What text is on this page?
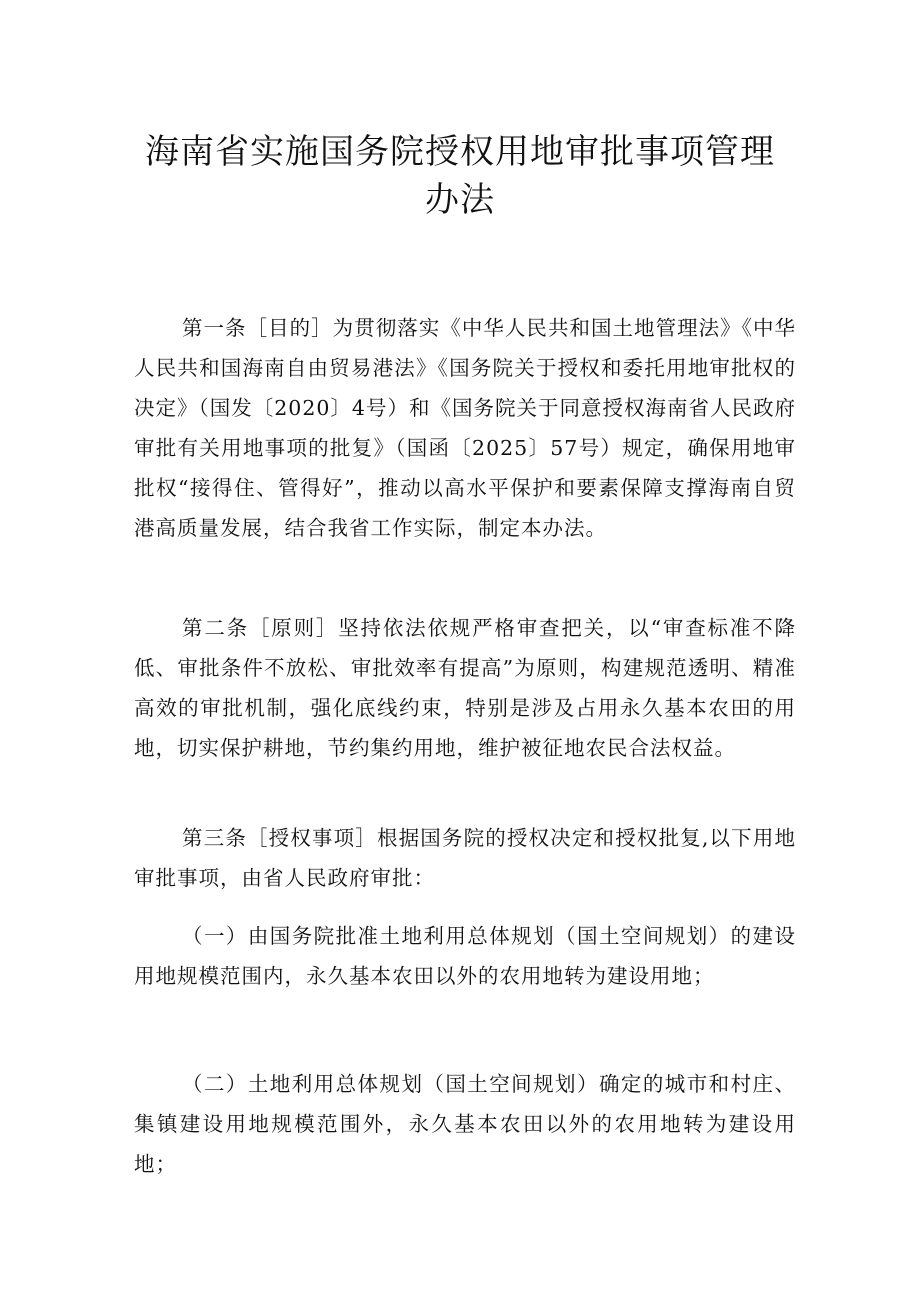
海南省实施国务院授权用地审批事项管理
办法

第一条［目的］为贯彻落实《中华人民共和国土地管理法》《中华人民共和国海南自由贸易港法》《国务院关于授权和委托用地审批权的决定》（国发〔2020〕4号）和《国务院关于同意授权海南省人民政府审批有关用地事项的批复》（国函〔2025〕57号）规定，确保用地审批权“接得住、管得好”，推动以高水平保护和要素保障支撑海南自贸港高质量发展，结合我省工作实际，制定本办法。

第二条［原则］坚持依法依规严格审查把关，以“审查标准不降低、审批条件不放松、审批效率有提高”为原则，构建规范透明、精准高效的审批机制，强化底线约束，特别是涉及占用永久基本农田的用地，切实保护耕地，节约集约用地，维护被征地农民合法权益。

第三条［授权事项］根据国务院的授权决定和授权批复,以下用地审批事项，由省人民政府审批：

（一）由国务院批准土地利用总体规划（国土空间规划）的建设用地规模范围内，永久基本农田以外的农用地转为建设用地；

（二）土地利用总体规划（国土空间规划）确定的城市和村庄、集镇建设用地规模范围外，永久基本农田以外的农用地转为建设用地；
